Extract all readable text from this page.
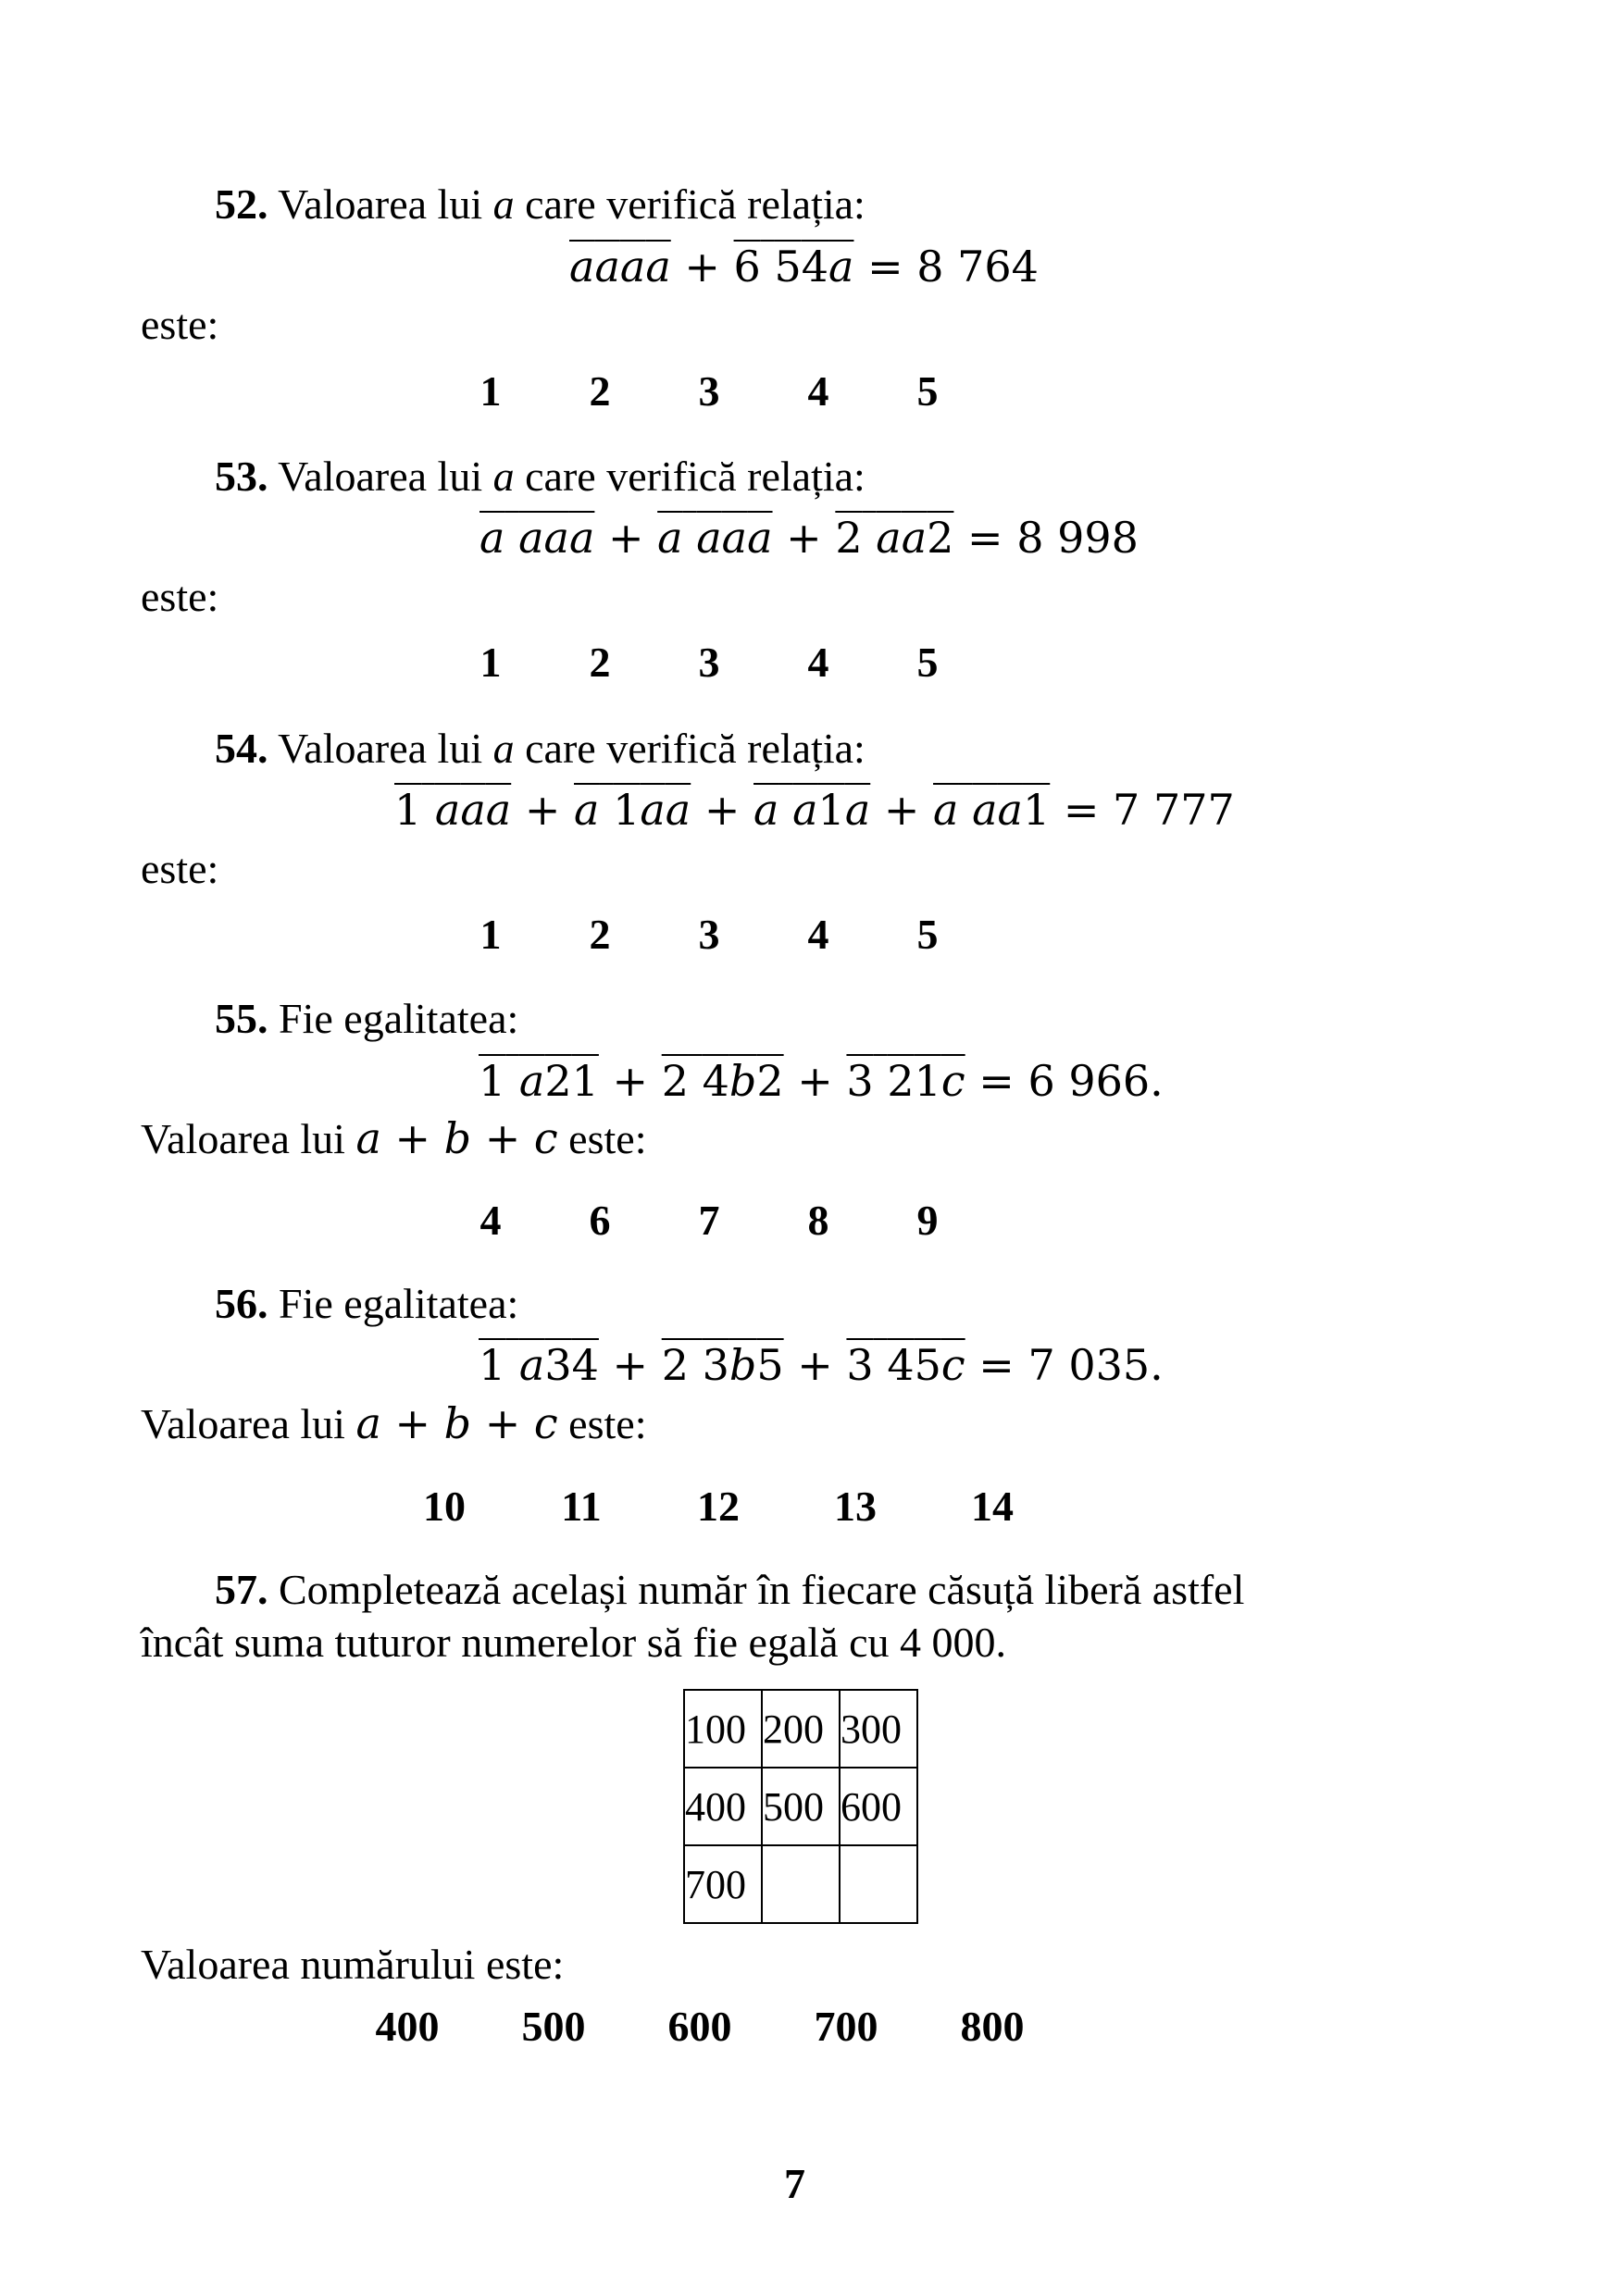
52. Valoarea lui a care verifică relația:
aaaa + 6 54a = 8 764
este:
1	2	3	4	5
53. Valoarea lui a care verifică relația:
a aaa + a aaa + 2 aa2 = 8 998
este:
1	2	3	4	5
54. Valoarea lui a care verifică relația:
1 aaa + a 1aa + a a1a + a aa1 = 7 777
este:
1	2	3	4	5
55. Fie egalitatea:
1 a21 + 2 4b2 + 3 21c = 6 966.
Valoarea lui a + b + c este:
4	6	7	8	9
56. Fie egalitatea:
1 a34 + 2 3b5 + 3 45c = 7 035.
Valoarea lui a + b + c este:
10	11	12	13	14
57. Completează același număr în fiecare căsuță liberă astfel
încât suma tuturor numerelor să fie egală cu 4 000.
100	200	300
400	500	600
700		
Valoarea numărului este:
400 500 600 700 800
7
